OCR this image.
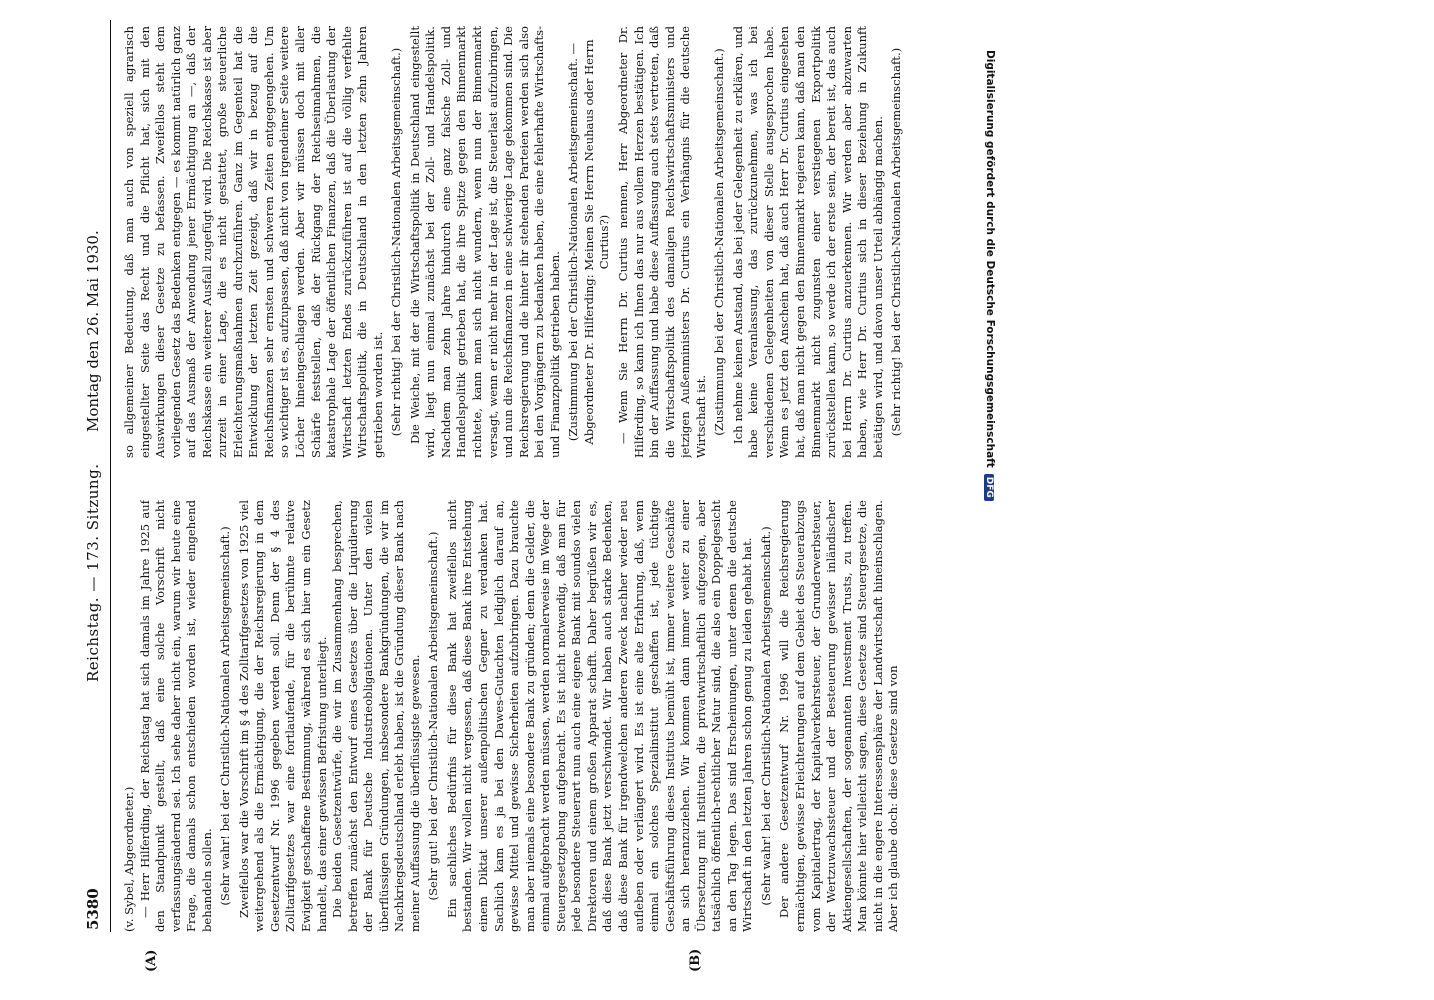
5380
Reichstag. — 173. Sitzung.
Montag den 26. Mai 1930.
(A)	(B)

(v. Sybel, Abgeordneter.) — Herr Hilferding, der Reichstag hat sich damals im Jahre 1925 auf den Standpunkt gestellt, daß eine solche Vorschrift nicht verfassungsändernd sei. Ich sehe daher nicht ein, warum wir heute eine Frage, die damals schon entschieden worden ist, wieder eingehend behandeln sollen. (Sehr wahr! bei der Christlich-Nationalen Arbeitsgemeinschaft.) Zweifellos war die Vorschrift im § 4 des Zolltarifgesetzes von 1925 viel weitergehend als die Ermächtigung, die der Reichsregierung in dem Gesetzentwurf Nr. 1996 gegeben werden soll. Denn der § 4 des Zolltarifgesetzes war eine fortlaufende, für die berühmte relative Ewigkeit geschaffene Bestimmung, während es sich hier um ein Gesetz handelt, das einer gewissen Befristung unterliegt. Die beiden Gesetzentwürfe, die wir im Zusammenhang besprechen, betreffen zunächst den Entwurf eines Gesetzes über die Liquidierung der Bank für Deutsche Industrieobligationen. Unter den vielen überflüssigen Gründungen, insbesondere Bankgründungen, die wir im Nachkriegsdeutschland erlebt haben, ist die Gründung dieser Bank nach meiner Auffassung die überflüssigste gewesen. (Sehr gut! bei der Christlich-Nationalen Arbeitsgemeinschaft.) Ein sachliches Bedürfnis für diese Bank hat zweifellos nicht bestanden. Wir wollen nicht vergessen, daß diese Bank ihre Entstehung einem Diktat unserer außenpolitischen Gegner zu verdanken hat. Sachlich kam es ja bei den Dawes-Gutachten lediglich darauf an, gewisse Mittel und gewisse Sicherheiten aufzubringen. Dazu brauchte man aber niemals eine besondere Bank zu gründen; denn die Gelder, die einmal aufgebracht werden müssen, werden normalerweise im Wege der Steuergesetzgebung aufgebracht. Es ist nicht notwendig, daß man für jede besondere Steuerart nun auch eine eigene Bank mit soundso vielen Direktoren und einem großen Apparat schafft. Daher begrüßen wir es, daß diese Bank jetzt verschwindet. Wir haben auch starke Bedenken, daß diese Bank für irgendwelchen anderen Zweck nachher wieder neu aufleben oder verlängert wird. Es ist eine alte Erfahrung, daß, wenn einmal ein solches Spezialinstitut geschaffen ist, jede tüchtige Geschäftsführung dieses Instituts bemüht ist, immer weitere Geschäfte an sich heranzuziehen. Wir kommen dann immer weiter zu einer Übersetzung mit Instituten, die privatwirtschaftlich aufgezogen, aber tatsächlich öffentlich-rechtlicher Natur sind, die also ein Doppelgesicht an den Tag legen. Das sind Erscheinungen, unter denen die deutsche Wirtschaft in den letzten Jahren schon genug zu leiden gehabt hat. (Sehr wahr! bei der Christlich-Nationalen Arbeitsgemeinschaft.) Der andere Gesetzentwurf Nr. 1996 will die Reichsregierung ermächtigen, gewisse Erleichterungen auf dem Gebiet des Steuerabzugs vom Kapitalertrag, der Kapitalverkehrsteuer, der Grunderwerbsteuer, der Wertzuwachssteuer und der Besteuerung gewisser inländischer Aktiengesellschaften, der sogenannten Investment Trusts, zu treffen. Man könnte hier vielleicht sagen, diese Gesetze sind Steuergesetze, die nicht in die engere Interessensphäre der Landwirtschaft hineinschlagen. Aber ich glaube doch: diese Gesetze sind von

so allgemeiner Bedeutung, daß man auch von speziell agrarisch eingestellter Seite das Recht und die Pflicht hat, sich mit den Auswirkungen dieser Gesetze zu befassen. Zweifellos steht dem vorliegenden Gesetz das Bedenken entgegen — es kommt natürlich ganz auf das Ausmaß der Anwendung jener Ermächtigung an —, daß der Reichskasse ein weiterer Ausfall zugefügt wird. Die Reichskasse ist aber zurzeit in einer Lage, die es nicht gestattet, große steuerliche Erleichterungsmaßnahmen durchzuführen. Ganz im Gegenteil hat die Entwicklung der letzten Zeit gezeigt, daß wir in bezug auf die Reichsfinanzen sehr ernsten und schweren Zeiten entgegengehen. Um so wichtiger ist es, aufzupassen, daß nicht von irgendeiner Seite weitere Löcher hineingeschlagen werden. Aber wir müssen doch mit aller Schärfe feststellen, daß der Rückgang der Reichseinnahmen, die katastrophale Lage der öffentlichen Finanzen, daß die Überlastung der Wirtschaft letzten Endes zurückzuführen ist auf die völlig verfehlte Wirtschaftspolitik, die in Deutschland in den letzten zehn Jahren getrieben worden ist. (Sehr richtig! bei der Christlich-Nationalen Arbeitsgemeinschaft.) Die Weiche, mit der die Wirtschaftspolitik in Deutschland eingestellt wird, liegt nun einmal zunächst bei der Zoll- und Handelspolitik. Nachdem man zehn Jahre hindurch eine ganz falsche Zoll- und Handelspolitik getrieben hat, die ihre Spitze gegen den Binnenmarkt richtete, kann man sich nicht wundern, wenn nun der Binnenmarkt versagt, wenn er nicht mehr in der Lage ist, die Steuerlast aufzubringen, und nun die Reichsfinanzen in eine schwierige Lage gekommen sind. Die Reichsregierung und die hinter ihr stehenden Parteien werden sich also bei den Vorgängern zu bedanken haben, die eine fehlerhafte Wirtschafts- und Finanzpolitik getrieben haben. (Zustimmung bei der Christlich-Nationalen Arbeitsgemeinschaft. — Abgeordneter Dr. Hilferding: Meinen Sie Herrn Neuhaus oder Herrn Curtius?) — Wenn Sie Herrn Dr. Curtius nennen, Herr Abgeordneter Dr. Hilferding, so kann ich Ihnen das nur aus vollem Herzen bestätigen. Ich bin der Auffassung und habe diese Auffassung auch stets vertreten, daß die Wirtschaftspolitik des damaligen Reichswirtschaftsministers und jetzigen Außenministers Dr. Curtius ein Verhängnis für die deutsche Wirtschaft ist. (Zustimmung bei der Christlich-Nationalen Arbeitsgemeinschaft.) Ich nehme keinen Anstand, das bei jeder Gelegenheit zu erklären, und habe keine Veranlassung, das zurückzunehmen, was ich bei verschiedenen Gelegenheiten von dieser Stelle ausgesprochen habe. Wenn es jetzt den Anschein hat, daß auch Herr Dr. Curtius eingesehen hat, daß man nicht gegen den Binnenmarkt regieren kann, daß man den Binnenmarkt nicht zugunsten einer verstiegenen Exportpolitik zurückstellen kann, so werde ich der erste sein, der bereit ist, das auch bei Herrn Dr. Curtius anzuerkennen. Wir werden aber abzuwarten haben, wie Herr Dr. Curtius sich in dieser Beziehung in Zukunft betätigen wird, und davon unser Urteil abhängig machen. (Sehr richtig! bei der Christlich-Nationalen Arbeitsgemeinschaft.)	Digitalisierung gefördert durch die Deutsche ForschungsgemeinschaftDFG
